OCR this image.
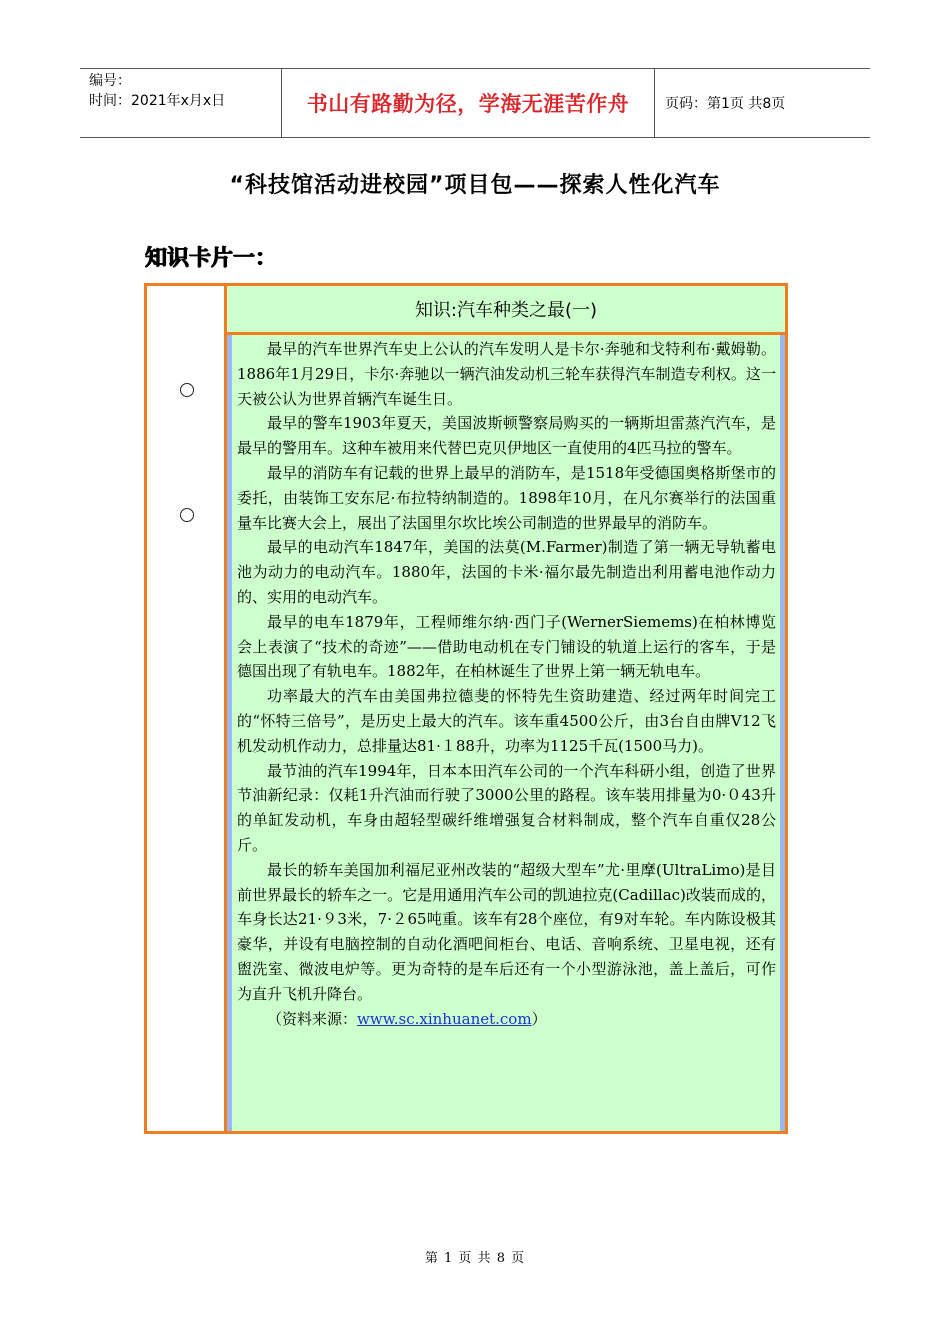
编号：
时间：2021年x月x日	书山有路勤为径，学海无涯苦作舟	页码：第1页 共8页
“科技馆活动进校园”项目包——探索人性化汽车
知识卡片一：
知识:汽车种类之最(一)

最早的汽车世界汽车史上公认的汽车发明人是卡尔·奔驰和戈特利布·戴姆勒。1886年1月29日，卡尔·奔驰以一辆汽油发动机三轮车获得汽车制造专利权。这一天被公认为世界首辆汽车诞生日。

最早的警车1903年夏天，美国波斯顿警察局购买的一辆斯坦雷蒸汽汽车，是最早的警用车。这种车被用来代替巴克贝伊地区一直使用的4匹马拉的警车。

最早的消防车有记载的世界上最早的消防车，是1518年受德国奥格斯堡市的委托，由装饰工安东尼·布拉特纳制造的。1898年10月，在凡尔赛举行的法国重量车比赛大会上，展出了法国里尔坎比埃公司制造的世界最早的消防车。

最早的电动汽车1847年，美国的法莫(M.Farmer)制造了第一辆无导轨蓄电池为动力的电动汽车。1880年，法国的卡米·福尔最先制造出利用蓄电池作动力的、实用的电动汽车。

最早的电车1879年，工程师维尔纳·西门子(WernerSiemems)在柏林博览会上表演了“技术的奇迹”——借助电动机在专门铺设的轨道上运行的客车，于是德国出现了有轨电车。1882年，在柏林诞生了世界上第一辆无轨电车。

功率最大的汽车由美国弗拉德斐的怀特先生资助建造、经过两年时间完工的“怀特三倍号”，是历史上最大的汽车。该车重4500公斤，由3台自由牌V12飞机发动机作动力，总排量达81·１88升，功率为1125千瓦(1500马力)。

最节油的汽车1994年，日本本田汽车公司的一个汽车科研小组，创造了世界节油新纪录：仅耗1升汽油而行驶了3000公里的路程。该车装用排量为0·０43升的单缸发动机，车身由超轻型碳纤维增强复合材料制成，整个汽车自重仅28公斤。

最长的轿车美国加利福尼亚州改装的“超级大型车”尤·里摩(UltraLimo)是目前世界最长的轿车之一。它是用通用汽车公司的凯迪拉克(Cadillac)改装而成的，车身长达21·９3米，7·２65吨重。该车有28个座位，有9对车轮。车内陈设极其豪华，并设有电脑控制的自动化酒吧间柜台、电话、音响系统、卫星电视，还有盥洗室、微波电炉等。更为奇特的是车后还有一个小型游泳池，盖上盖后，可作为直升飞机升降台。

（资料来源：www.sc.xinhuanet.com）

第 1 页 共 8 页
